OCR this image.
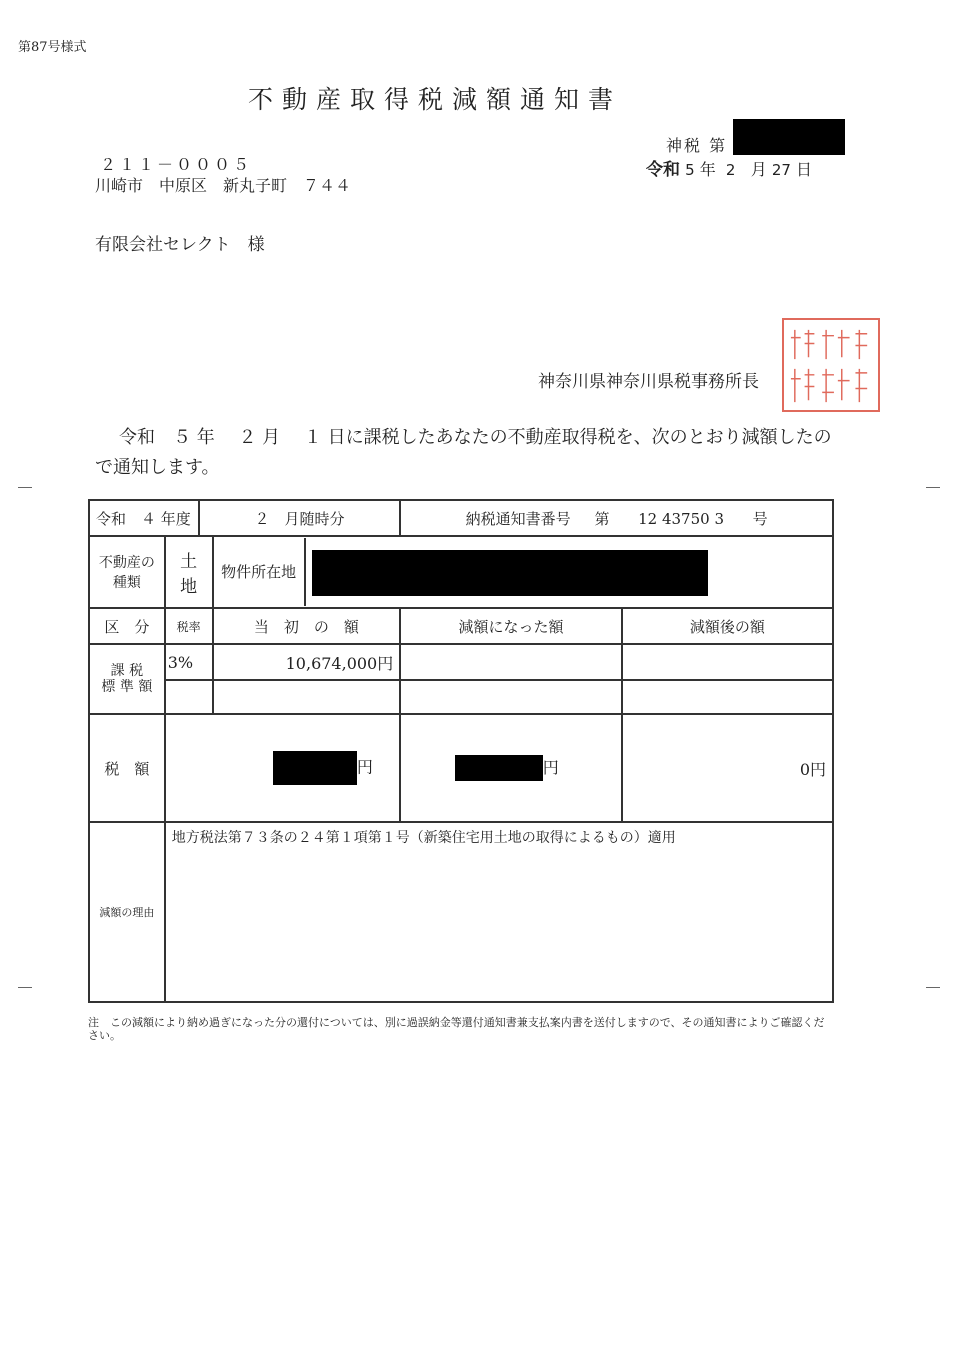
第87号様式
不動産取得税減額通知書
神税 第
令和 5 年 2 月 27 日
２１１－０００５
川崎市　中原区　新丸子町　７４４
有限会社セレクト　様
神奈川県神奈川県税事務所長
令和　５ 年　 ２ 月　 １ 日に課税したあなたの不動産取得税を、次のとおり減額したので通知します。
令和　４ 年度		２　月随時分		納税通知書番号 第 12 43750 3 号	
不動産の種類	土地		物件所在地		
区　分	税率		当　初　の　額	減額になった額	減額後の額
課 税
標 準 額	3%		10,674,000円		

税　額	円			円	0円
減額の理由	地方税法第７３条の２４第１項第１号（新築住宅用土地の取得によるもの）適用				
注　この減額により納め過ぎになった分の還付については、別に過誤納金等還付通知書兼支払案内書を送付しますので、その通知書によりご確認ください。
